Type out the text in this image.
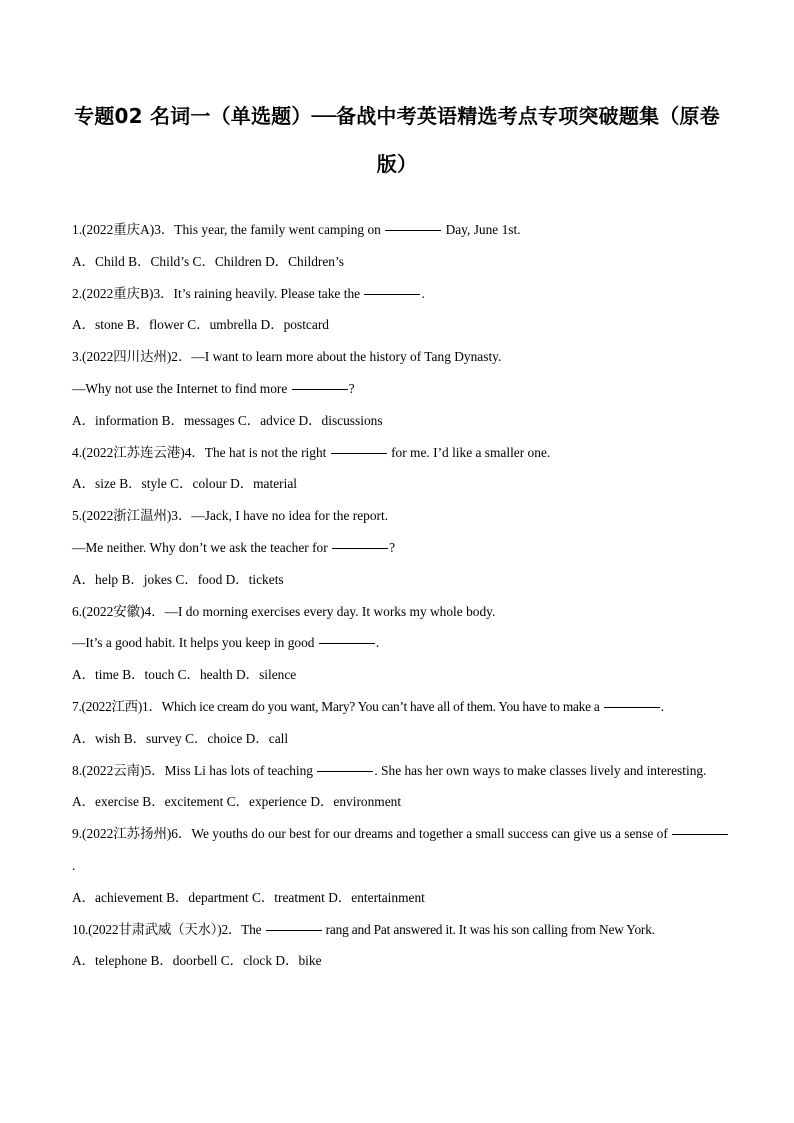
专题02 名词一（单选题）──备战中考英语精选考点专项突破题集（原卷版）
1.(2022重庆A)3．This year, the family went camping on	Day, June 1st.
A．Child B．Child’s C．Children D．Children’s
2.(2022重庆B)3．It’s raining heavily. Please take the	.
A．stone B．flower C．umbrella D．postcard
3.(2022四川达州)2．—I want to learn more about the history of Tang Dynasty.
—Why not use the Internet to find more	?
A．information B．messages C．advice D．discussions
4.(2022江苏连云港)4．The hat is not the right	for me. I’d like a smaller one.
A．size B．style C．colour D．material
5.(2022浙江温州)3．—Jack, I have no idea for the report.
—Me neither. Why don’t we ask the teacher for	?
A．help B．jokes C．food D．tickets
6.(2022安徽)4．—I do morning exercises every day. It works my whole body.
—It’s a good habit. It helps you keep in good	.
A．time B．touch C．health D．silence
7.(2022江西)1．Which ice cream do you want, Mary? You can’t have all of them. You have to make a	.
A．wish B．survey C．choice D．call
8.(2022云南)5．Miss Li has lots of teaching	. She has her own ways to make classes lively and interesting.
A．exercise B．excitement C．experience D．environment
9.(2022江苏扬州)6．We youths do our best for our dreams and together a small success can give us a sense of .
A．achievement B．department C．treatment D．entertainment
10.(2022甘肃武威（天水）)2．The	rang and Pat answered it. It was his son calling from New York.
A．telephone B．doorbell C．clock D．bike
